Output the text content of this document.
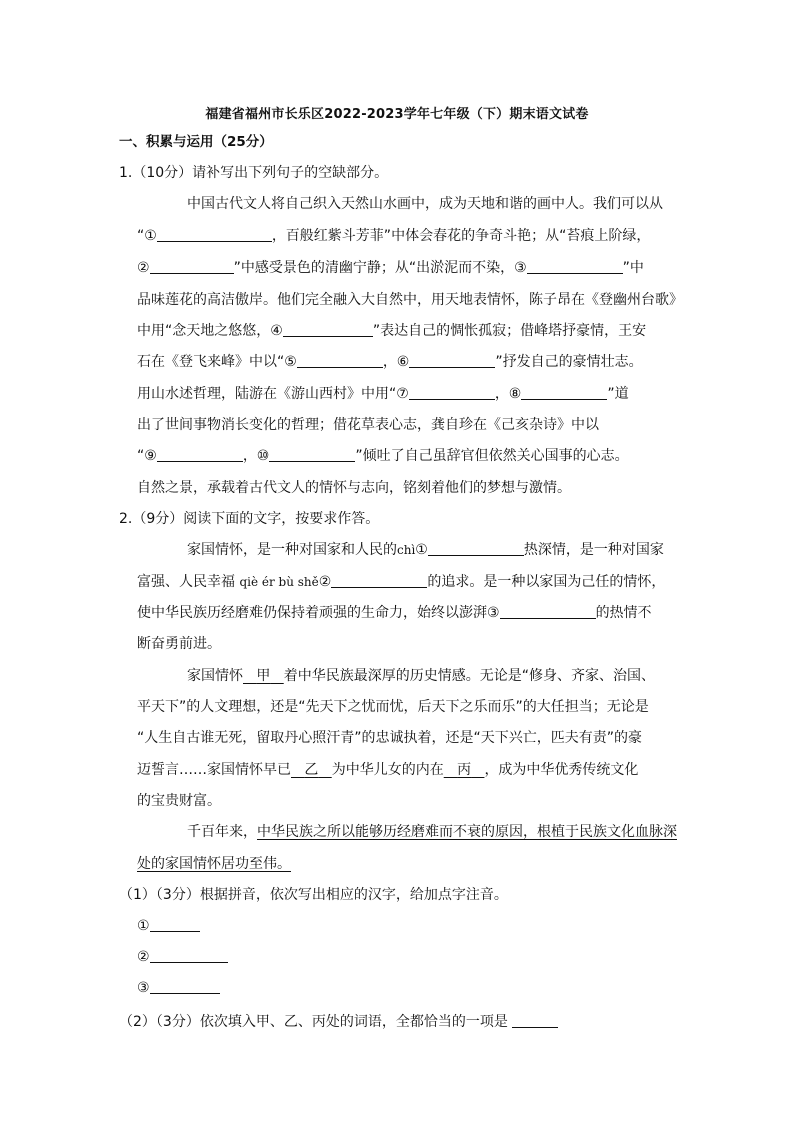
福建省福州市长乐区2022-2023学年七年级（下）期末语文试卷
一、积累与运用（25分）
1.（10分）请补写出下列句子的空缺部分。
中国古代文人将自己织入天然山水画中，成为天地和谐的画中人。我们可以从
“①	，百般红紫斗芳菲”中体会春花的争奇斗艳；从“苔痕上阶绿，
②	”中感受景色的清幽宁静；从“出淤泥而不染，③	”中
品味莲花的高洁傲岸。他们完全融入大自然中，用天地表情怀，陈子昂在《登幽州台歌》
中用“念天地之悠悠，④	”表达自己的惆怅孤寂；借峰塔抒豪情，王安
石在《登飞来峰》中以“⑤	，⑥	”抒发自己的豪情壮志。
用山水述哲理，陆游在《游山西村》中用“⑦	，⑧	”道
出了世间事物消长变化的哲理；借花草表心志，龚自珍在《己亥杂诗》中以
“⑨	，⑩	”倾吐了自己虽辞官但依然关心国事的心志。
自然之景，承载着古代文人的情怀与志向，铭刻着他们的梦想与激情。
2.（9分）阅读下面的文字，按要求作答。
家国情怀，是一种对国家和人民的chì①	热深情，是一种对国家
富强、人民幸福 qiè ér bù shě②	的追求。是一种以家国为己任的情怀，
使中华民族历经磨难仍保持着顽强的生命力，始终以澎湃③	的热情不
断奋勇前进。
家国情怀 甲 着中华民族最深厚的历史情感。无论是“修身、齐家、治国、
平天下”的人文理想，还是“先天下之忧而忧，后天下之乐而乐”的大任担当；无论是
“人生自古谁无死，留取丹心照汗青”的忠诚执着，还是“天下兴亡，匹夫有责”的豪
迈誓言……家国情怀早已 乙 为中华儿女的内在 丙 ，成为中华优秀传统文化
的宝贵财富。
千百年来，中华民族之所以能够历经磨难而不衰的原因，根植于民族文化血脉深
处的家国情怀居功至伟。
（1）（3分）根据拼音，依次写出相应的汉字，给加点字注音。
①
②
③
（2）（3分）依次填入甲、乙、丙处的词语，全都恰当的一项是
